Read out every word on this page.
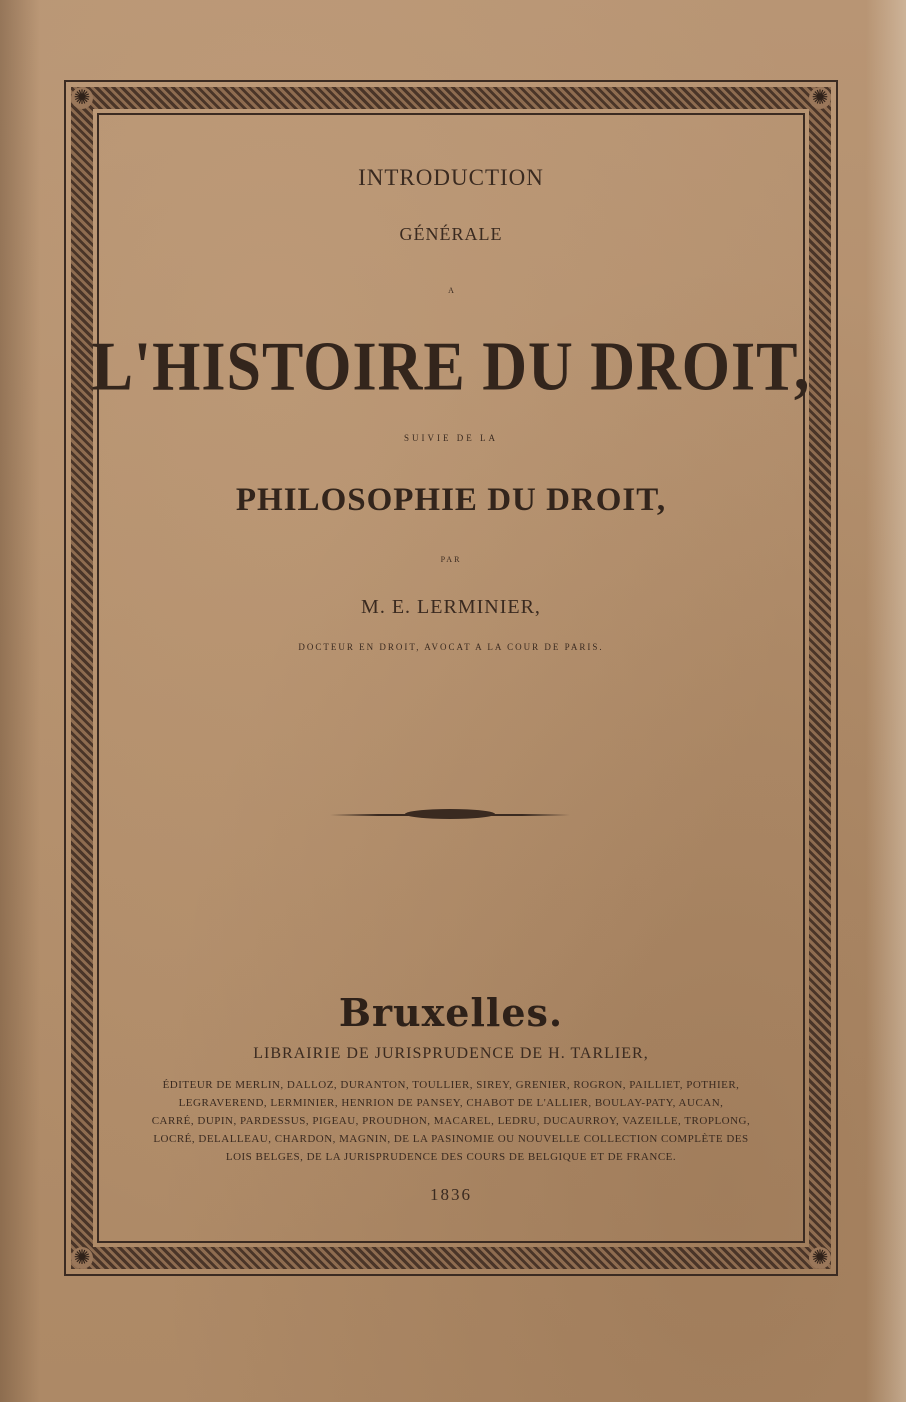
✺	✺
✺	✺
INTRODUCTION
GÉNÉRALE
A
L'HISTOIRE DU DROIT,
SUIVIE DE LA
PHILOSOPHIE DU DROIT,
PAR
M. E. LERMINIER,
DOCTEUR EN DROIT, AVOCAT A LA COUR DE PARIS.
Bruxelles.
LIBRAIRIE DE JURISPRUDENCE DE H. TARLIER,
ÉDITEUR DE MERLIN, DALLOZ, DURANTON, TOULLIER, SIREY, GRENIER, ROGRON, PAILLIET, POTHIER,
LEGRAVEREND, LERMINIER, HENRION DE PANSEY, CHABOT DE L'ALLIER, BOULAY-PATY, AUCAN,
CARRÉ, DUPIN, PARDESSUS, PIGEAU, PROUDHON, MACAREL, LEDRU, DUCAURROY, VAZEILLE, TROPLONG,
LOCRÉ, DELALLEAU, CHARDON, MAGNIN, DE LA PASINOMIE OU NOUVELLE COLLECTION COMPLÈTE DES
LOIS BELGES, DE LA JURISPRUDENCE DES COURS DE BELGIQUE ET DE FRANCE.
1836
